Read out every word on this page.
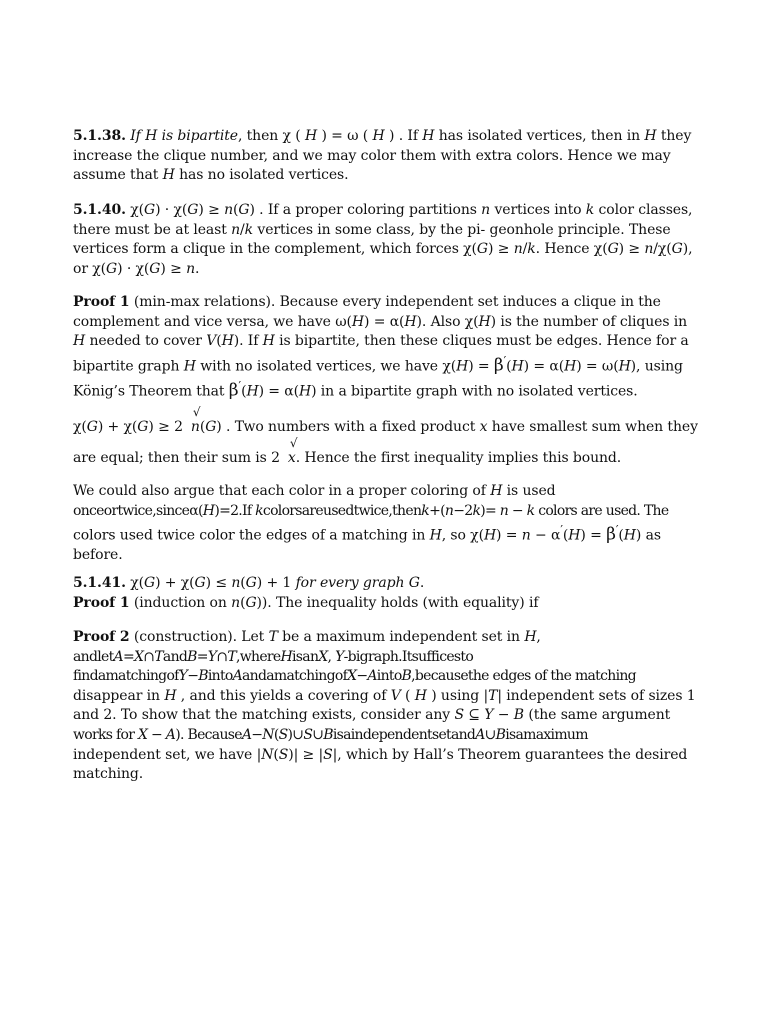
5.1.38. If H is bipartite, then χ ( H ) = ω ( H ) . If H has isolated vertices, then in H they
increase the clique number, and we may color them with extra colors. Hence we may
assume that H has no isolated vertices.
5.1.40. χ(G) · χ(G) ≥ n(G) . If a proper coloring partitions n vertices into k color classes,
there must be at least n/k vertices in some class, by the pi- geonhole principle. These
vertices form a clique in the complement, which forces χ(G) ≥ n/k. Hence χ(G) ≥ n/χ(G),
or χ(G) · χ(G) ≥ n.
Proof 1 (min-max relations). Because every independent set induces a clique in the
complement and vice versa, we have ω(H) = α(H). Also χ(H) is the number of cliques in
H needed to cover V(H). If H is bipartite, then these cliques must be edges. Hence for a
bipartite graph H with no isolated vertices, we have χ(H) = β′(H) = α(H) = ω(H), using
Konig’s Theorem that β′(H) = α(H) in a bipartite graph with no isolated vertices.
χ(G) + χ(G) ≥ 2
√
n(G) . Two numbers with a fixed product x have smallest sum when they
are equal; then their sum is 2
√
x. Hence the first inequality implies this bound.
We could also argue that each color in a proper coloring of H is used
onceortwice,sinceα(H)=2.If kcolorsareusedtwice,thenk+(n−2k)= n − k colors are used. The
colors used twice color the edges of a matching in H, so χ(H) = n − α′(H) = β′(H) as
before.
5.1.41. χ(G) + χ(G) ≤ n(G) + 1 for every graph G.
Proof 1 (induction on n(G)). The inequality holds (with equality) if
Proof 2 (construction). Let T be a maximum independent set in H,
andletA=X∩TandB=Y∩T,whereHisanX, Y-bigraph.Itsufficesto
findamatchingofY−BintoAandamatchingofX−AintoB,becausethe edges of the matching
disappear in H , and this yields a covering of V ( H ) using |T| independent sets of sizes 1
and 2. To show that the matching exists, consider any S ⊆ Y − B (the same argument
works for X − A). BecauseA−N(S)∪S∪BisaindependentsetandA∪Bisamaximum
independent set, we have |N(S)| ≥ |S|, which by Hall’s Theorem guarantees the desired
matching.
